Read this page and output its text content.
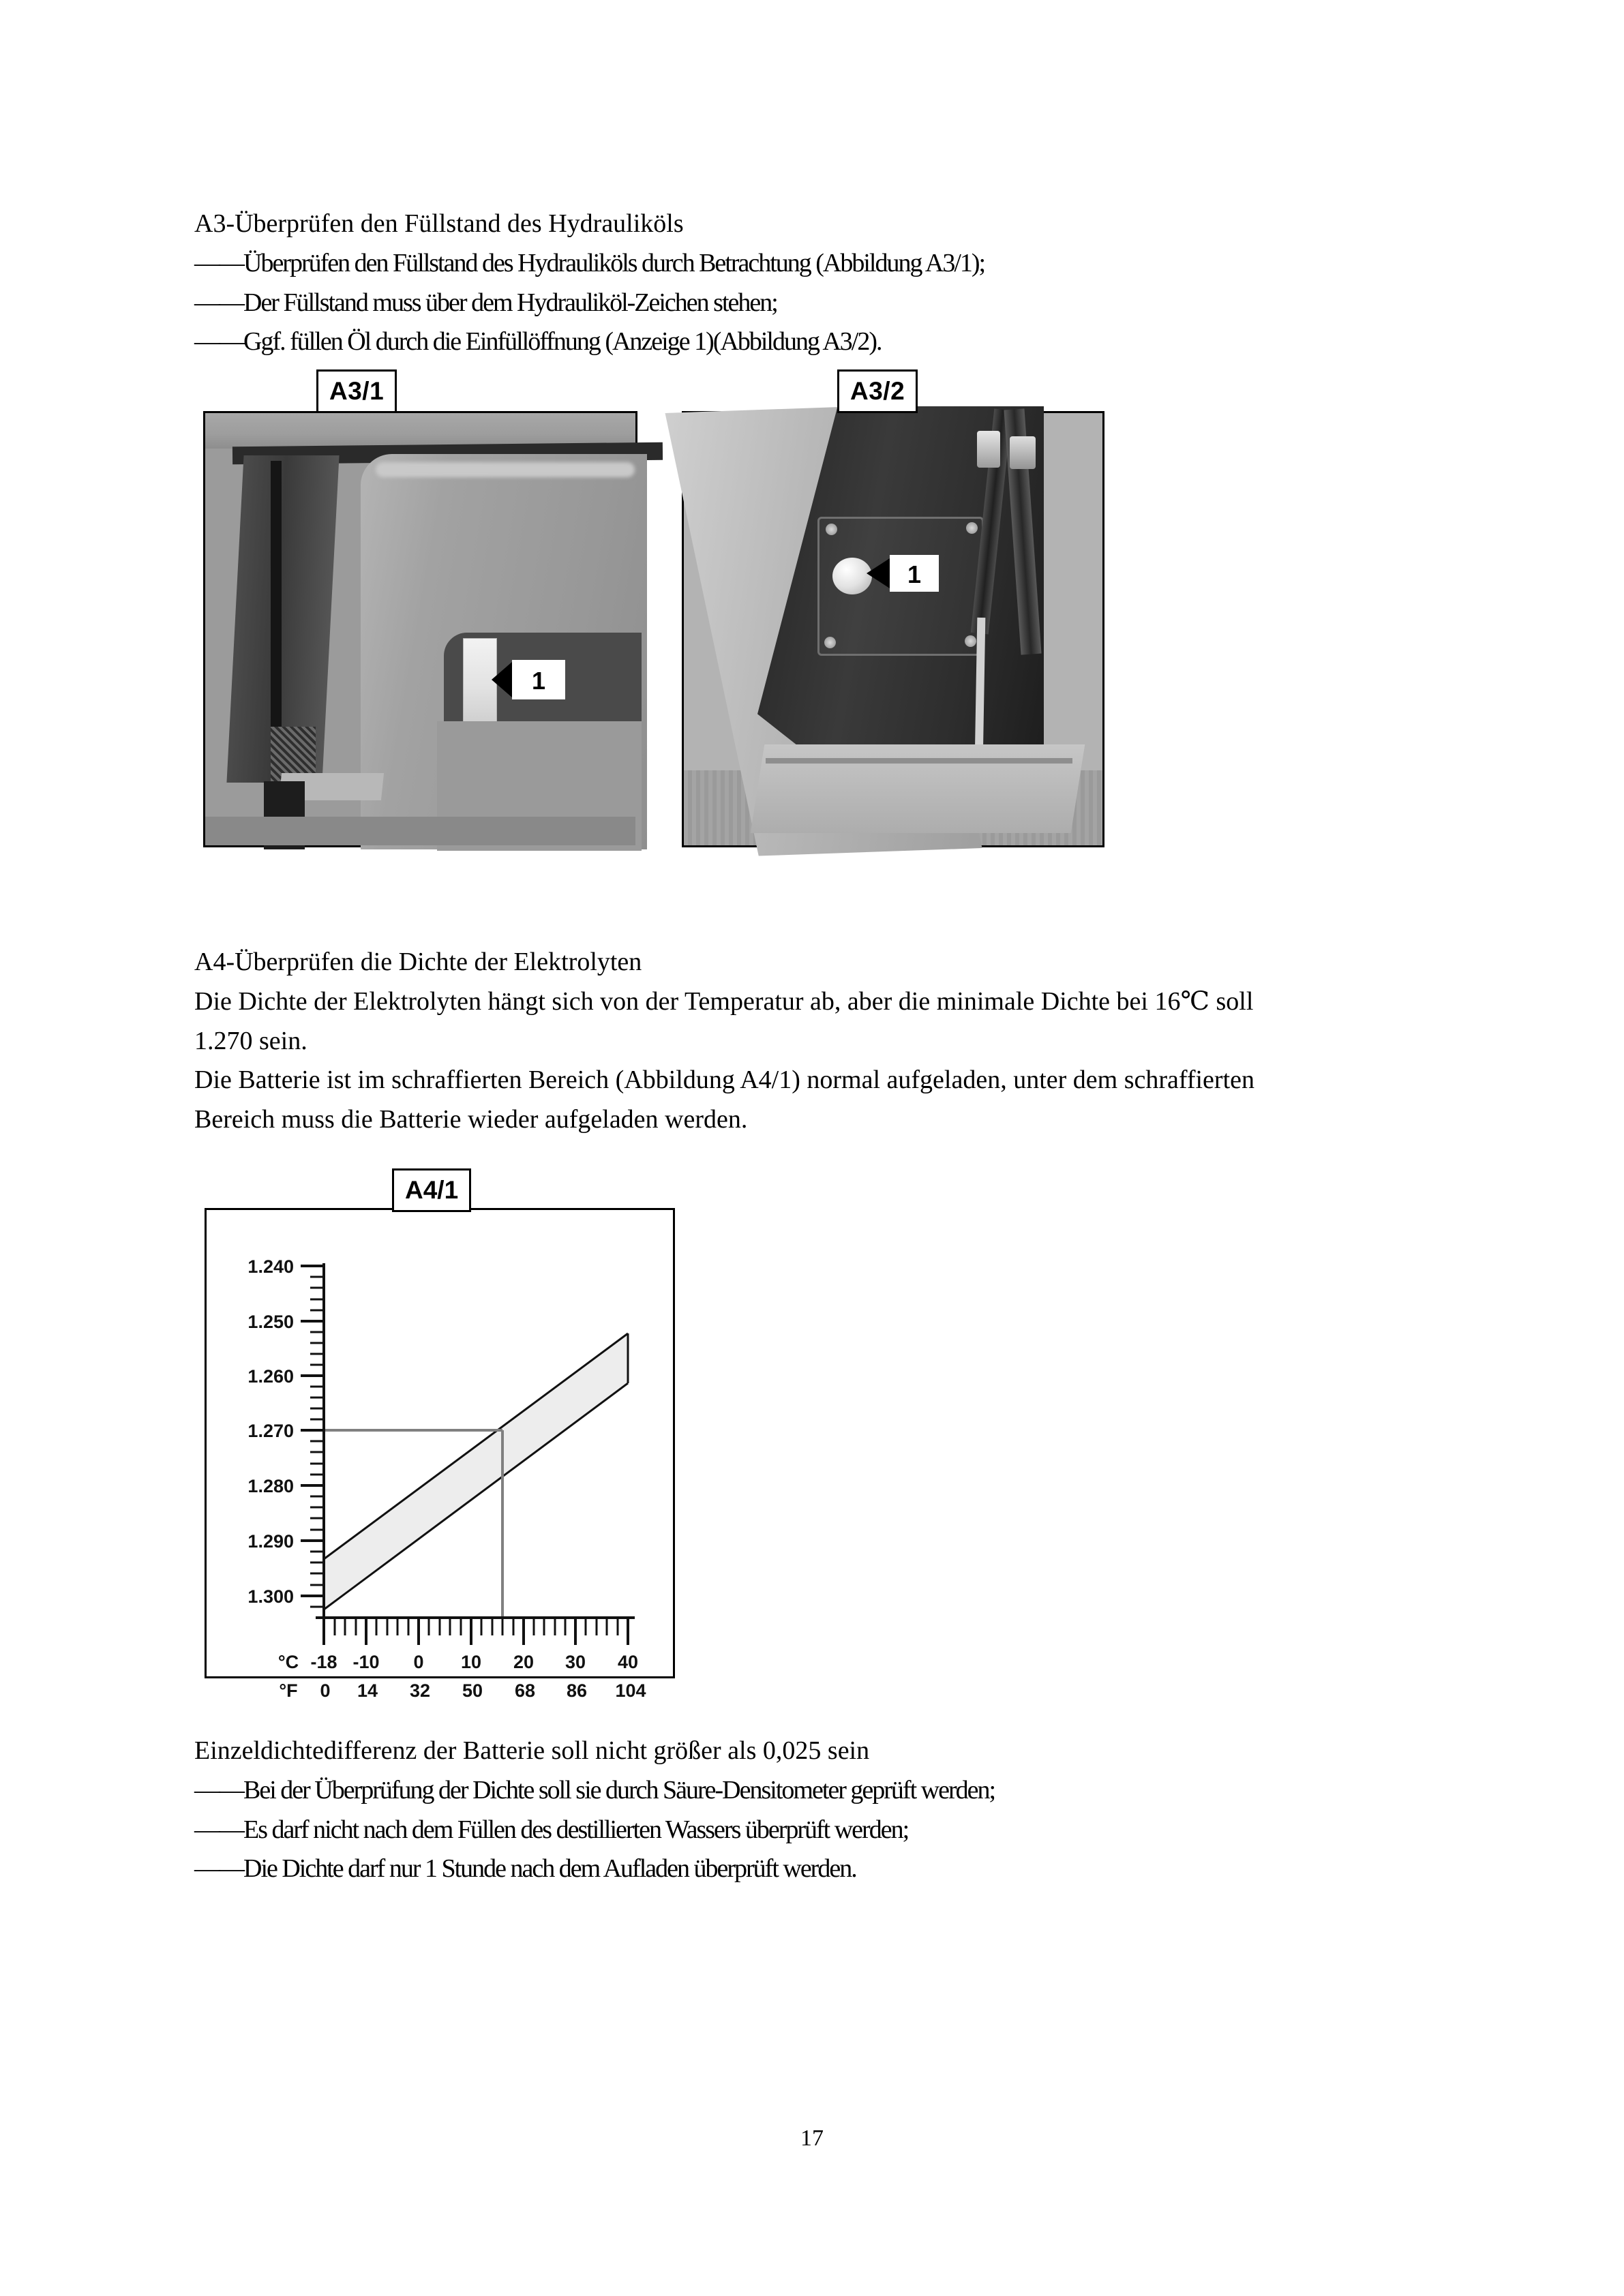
A3-Überprüfen den Füllstand des Hydrauliköls

——Überprüfen den Füllstand des Hydrauliköls durch Betrachtung (Abbildung A3/1);

——Der Füllstand muss über dem Hydrauliköl-Zeichen stehen;

——Ggf. füllen Öl durch die Einfüllöffnung (Anzeige 1)(Abbildung A3/2).

1
A3/1
1
A3/2

A4-Überprüfen die Dichte der Elektrolyten

Die Dichte der Elektrolyten hängt sich von der Temperatur ab, aber die minimale Dichte bei 16℃ soll

1.270 sein.

Die Batterie ist im schraffierten Bereich (Abbildung A4/1) normal aufgeladen, unter dem schraffierten

Bereich muss die Batterie wieder aufgeladen werden.

1.240
1.250
1.260
1.270
1.280
1.290
1.300
°C -18 -10 0 10 20 30 40
°F 0 14 32 50 68 86 104
A4/1

Einzeldichtedifferenz der Batterie soll nicht größer als 0,025 sein

——Bei der Überprüfung der Dichte soll sie durch Säure-Densitometer geprüft werden;

——Es darf nicht nach dem Füllen des destillierten Wassers überprüft werden;

——Die Dichte darf nur 1 Stunde nach dem Aufladen überprüft werden.

17
